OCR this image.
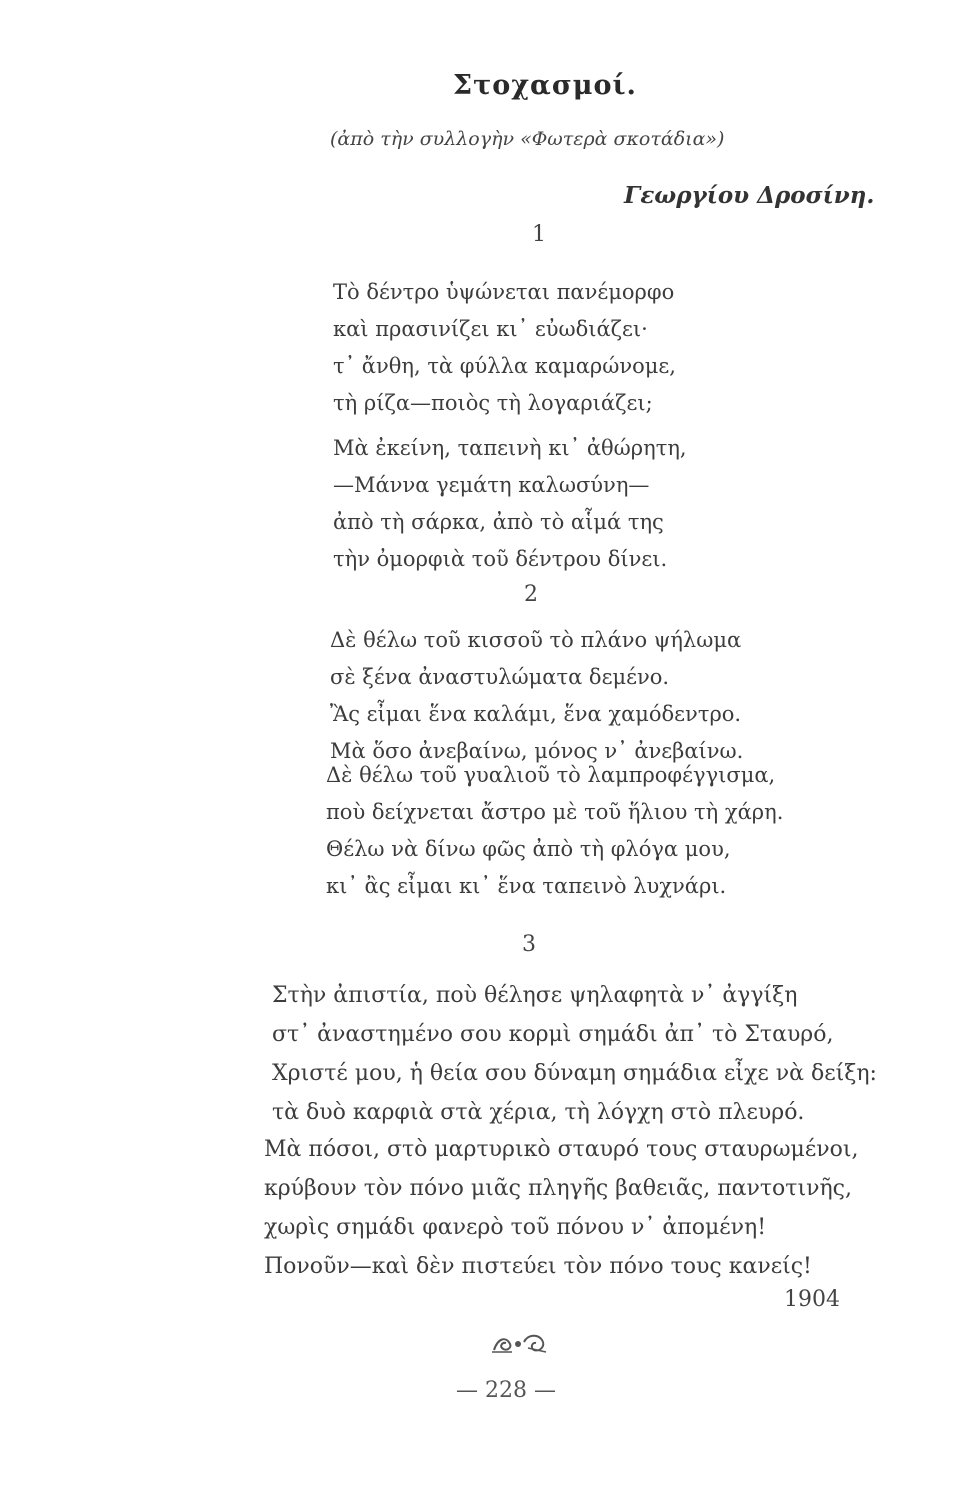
Στοχασμοί.
(ἀπὸ τὴν συλλογὴν «Φωτερὰ σκοτάδια»)
Γεωργίου Δροσίνη.
1
Τὸ δέντρο ὑψώνεται πανέμορφο
καὶ πρασινίζει κι᾿ εὐωδιάζει·
τ᾿ ἄνθη, τὰ φύλλα καμαρώνομε,
τὴ ρίζα—ποιὸς τὴ λογαριάζει;
Μὰ ἐκείνη, ταπεινὴ κι᾿ ἀθώρητη,
—Μάννα γεμάτη καλωσύνη—
ἀπὸ τὴ σάρκα, ἀπὸ τὸ αἷμά της
τὴν ὀμορφιὰ τοῦ δέντρου δίνει.
2
Δὲ θέλω τοῦ κισσοῦ τὸ πλάνο ψήλωμα
σὲ ξένα ἀναστυλώματα δεμένο.
Ἂς εἶμαι ἕνα καλάμι, ἕνα χαμόδεντρο.
Μὰ ὅσο ἀνεβαίνω, μόνος ν᾿ ἀνεβαίνω.
Δὲ θέλω τοῦ γυαλιοῦ τὸ λαμπροφέγγισμα,
ποὺ δείχνεται ἄστρο μὲ τοῦ ἥλιου τὴ χάρη.
Θέλω νὰ δίνω φῶς ἀπὸ τὴ φλόγα μου,
κι᾿ ἂς εἶμαι κι᾿ ἕνα ταπεινὸ λυχνάρι.
3
Στὴν ἀπιστία, ποὺ θέλησε ψηλαφητὰ ν᾿ ἀγγίξη
στ᾿ ἀναστημένο σου κορμὶ σημάδι ἀπ᾿ τὸ Σταυρό,
Χριστέ μου, ἡ θεία σου δύναμη σημάδια εἶχε νὰ δείξη:
τὰ δυὸ καρφιὰ στὰ χέρια, τὴ λόγχη στὸ πλευρό.
Μὰ πόσοι, στὸ μαρτυρικὸ σταυρό τους σταυρωμένοι,
κρύβουν τὸν πόνο μιᾶς πληγῆς βαθειᾶς, παντοτινῆς,
χωρὶς σημάδι φανερὸ τοῦ πόνου ν᾿ ἀπομένη!
Πονοῦν—καὶ δὲν πιστεύει τὸν πόνο τους κανείς!
1904
— 228 —
